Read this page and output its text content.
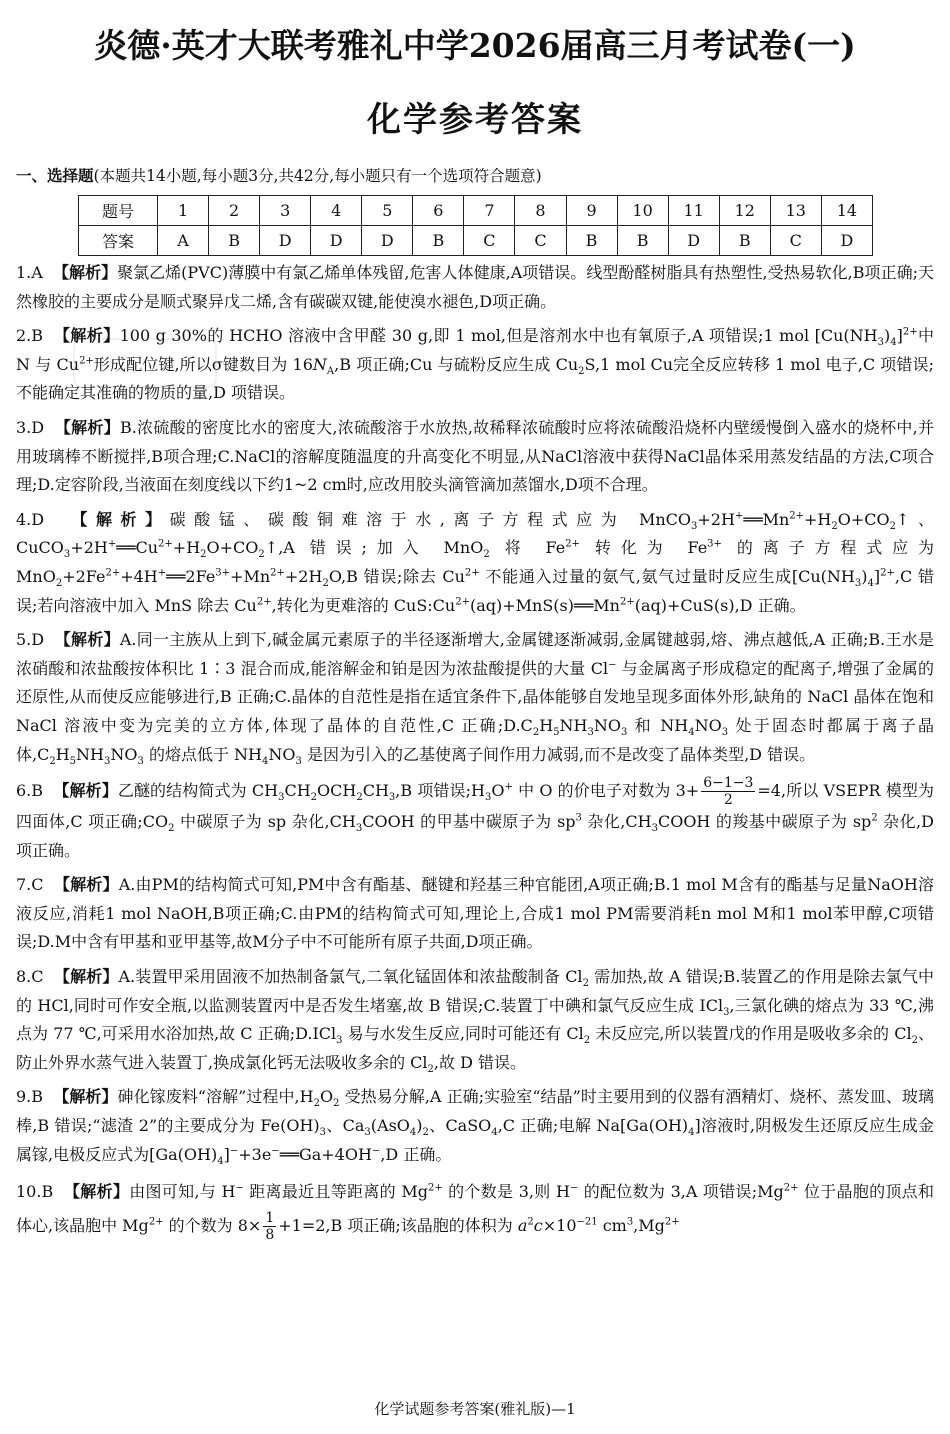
炎德·英才大联考雅礼中学2026届高三月考试卷(一)
化学参考答案
一、选择题(本题共14小题,每小题3分,共42分,每小题只有一个选项符合题意)
题号	1	2	3	4	5	6	7	8	9	10	11	12	13	14
答案	A	B	D	D	D	B	C	C	B	B	D	B	C	D

1.A 【解析】聚氯乙烯(PVC)薄膜中有氯乙烯单体残留,危害人体健康,A项错误。线型酚醛树脂具有热塑性,受热易软化,B项正确;天然橡胶的主要成分是顺式聚异戊二烯,含有碳碳双键,能使溴水褪色,D项正确。

2.B 【解析】100 g 30%的 HCHO 溶液中含甲醛 30 g,即 1 mol,但是溶剂水中也有氧原子,A 项错误;1 mol $[Cu(NH_3)_4]^{2+}$中 N 与 $Cu^{2+}$形成配位键,所以σ键数目为 $16N_A,B$ 项正确;Cu 与硫粉反应生成 $Cu_2S,1$ mol Cu完全反应转移 1 mol 电子,C 项错误;不能确定其准确的物质的量,D 项错误。

3.D 【解析】B.浓硫酸的密度比水的密度大,浓硫酸溶于水放热,故稀释浓硫酸时应将浓硫酸沿烧杯内壁缓慢倒入盛水的烧杯中,并用玻璃棒不断搅拌,B项合理;C.NaCl的溶解度随温度的升高变化不明显,从NaCl溶液中获得NaCl晶体采用蒸发结晶的方法,C项合理;D.定容阶段,当液面在刻度线以下约1~2 cm时,应改用胶头滴管滴加蒸馏水,D项不合理。

4.D 【解析】碳酸锰、碳酸铜难溶于水,离子方程式应为 $MnCO_3+2H^+══Mn^{2+}+H_2O+CO_2↑$、$CuCO_3+2H^+══Cu^{2+}+H_2O+CO_2↑,A$ 错误;加入 MnO$_2$ 将 $Fe^{2+}$ 转化为 $Fe^{3+}$ 的离子方程式应为 $MnO_2+2Fe^{2+}+4H^+══2Fe^{3+}+Mn^{2+}+2H_2O,B$ 错误;除去 $Cu^{2+}$ 不能通入过量的氨气,氨气过量时反应生成$[Cu(NH_3)_4]^{2+},C$ 错误;若向溶液中加入 MnS 除去 $Cu^{2+}$,转化为更难溶的 $CuS:Cu^{2+}(aq)+MnS(s)══Mn^{2+}(aq)+CuS(s),D$ 正确。

5.D 【解析】A.同一主族从上到下,碱金属元素原子的半径逐渐增大,金属键逐渐减弱,金属键越弱,熔、沸点越低,A 正确;B.王水是浓硝酸和浓盐酸按体积比 1∶3 混合而成,能溶解金和铂是因为浓盐酸提供的大量 Cl− 与金属离子形成稳定的配离子,增强了金属的还原性,从而使反应能够进行,B 正确;C.晶体的自范性是指在适宜条件下,晶体能够自发地呈现多面体外形,缺角的 NaCl 晶体在饱和 NaCl 溶液中变为完美的立方体,体现了晶体的自范性,C 正确$;D.C_2H_5NH_3NO_3$ 和 $NH_4NO_3$ 处于固态时都属于离子晶体$,C_2H_5NH_3NO_3$ 的熔点低于 $NH_4NO_3$ 是因为引入的乙基使离子间作用力减弱,而不是改变了晶体类型,D 错误。

6.B 【解析】乙醚的结构简式为 $CH_3CH_2OCH_2CH_3,B$ 项错误$;H_3O^+$ 中 O 的价电子对数为 $3+ \frac{6-1-3}{2} =4$,所以 VSEPR 模型为四面体,C 项正确$;CO_2$ 中碳原子为 sp 杂化$,CH_3COOH$ 的甲基中碳原子为 $sp^3$ 杂化$,CH_3COOH$ 的羧基中碳原子为 $sp^2$ 杂化,D 项正确。

7.C 【解析】A.由PM的结构简式可知,PM中含有酯基、醚键和羟基三种官能团,A项正确;B.1 mol M含有的酯基与足量NaOH溶液反应,消耗1 mol NaOH,B项正确;C.由PM的结构简式可知,理论上,合成1 mol PM需要消耗n mol M和1 mol苯甲醇,C项错误;D.M中含有甲基和亚甲基等,故M分子中不可能所有原子共面,D项正确。

8.C 【解析】A.装置甲采用固液不加热制备氯气,二氧化锰固体和浓盐酸制备 $Cl_2$ 需加热,故 A 错误;B.装置乙的作用是除去氯气中的 HCl,同时可作安全瓶,以监测装置丙中是否发生堵塞,故 B 错误;C.装置丁中碘和氯气反应生成 ICl$_3$,三氯化碘的熔点为 33 ℃,沸点为 77 ℃,可采用水浴加热,故 C 正确;D.ICl$_3$ 易与水发生反应,同时可能还有 $Cl_2$ 未反应完,所以装置戊的作用是吸收多余的 $Cl_2$、防止外界水蒸气进入装置丁,换成氯化钙无法吸收多余的 $Cl_2$,故 D 错误。

9.B 【解析】砷化镓废料“溶解”过程中$,H_2O_2$ 受热易分解,A 正确;实验室“结晶”时主要用到的仪器有酒精灯、烧杯、蒸发皿、玻璃棒,B 错误;“滤渣 2”的主要成分为 $Fe(OH)_3$、$Ca_3(AsO_4)_2$、CaSO$_4$,C 正确;电解 $Na[Ga(OH)_4]$溶液时,阴极发生还原反应生成金属镓,电极反应式为$[Ga(OH)_4]^-+3e^-══Ga+4OH^-,D$ 正确。

10.B 【解析】由图可知,与 H− 距离最近且等距离的 $Mg^{2+}$ 的个数是 3,则 H− 的配位数为 3,A 项错误$;Mg^{2+}$ 位于晶胞的顶点和体心,该晶胞中 $Mg^{2+}$ 的个数为 $8\times \frac{1}{8} +1=2,B$ 项正确;该晶胞的体积为 $a^2c\times 10^{-21}$ $cm^3,Mg^{2+}$

化学试题参考答案(雅礼版)—1
